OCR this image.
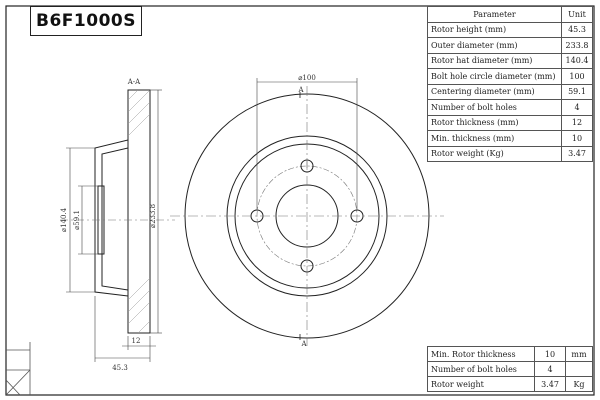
A-A
⌀140.4 ⌀59.1	⌀233.8
12
45.3
A
A
⌀100
B6F1000S	Parameter	Unit
Rotor height (mm)	45.3
Outer diameter (mm)	233.8
Rotor hat diameter (mm)	140.4
Bolt hole circle diameter (mm)	100
Centering diameter (mm)	59.1
Number of bolt holes	4
Rotor thickness (mm)	12
Min. thickness (mm)	10
Rotor weight (Kg)	3.47
Min. Rotor thickness	10	mm
Number of bolt holes	4	
Rotor weight	3.47	Kg
